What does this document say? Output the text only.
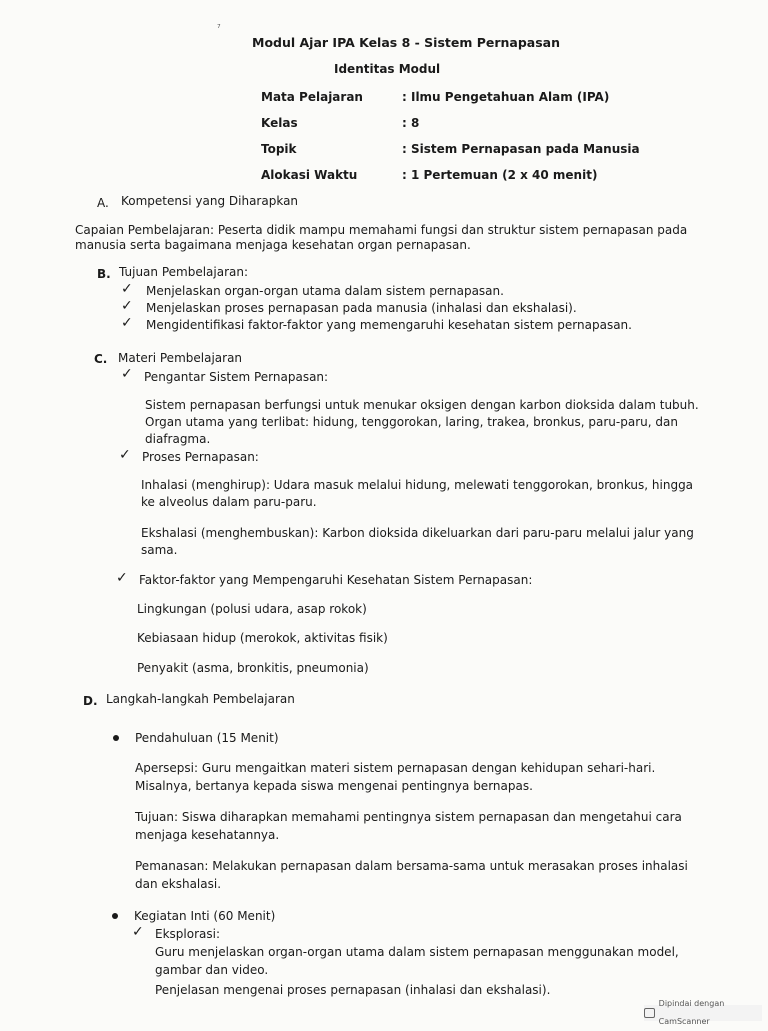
⁷
Modul Ajar IPA Kelas 8 - Sistem Pernapasan
Identitas Modul
Mata Pelajaran	: Ilmu Pengetahuan Alam (IPA)
Kelas	: 8
Topik	: Sistem Pernapasan pada Manusia
Alokasi Waktu	: 1 Pertemuan (2 x 40 menit)
A. Kompetensi yang Diharapkan
Capaian Pembelajaran: Peserta didik mampu memahami fungsi dan struktur sistem pernapasan pada
manusia serta bagaimana menjaga kesehatan organ pernapasan.
B. Tujuan Pembelajaran:
✓ Menjelaskan organ-organ utama dalam sistem pernapasan.
✓ Menjelaskan proses pernapasan pada manusia (inhalasi dan ekshalasi).
✓ Mengidentifikasi faktor-faktor yang memengaruhi kesehatan sistem pernapasan.
C. Materi Pembelajaran
✓ Pengantar Sistem Pernapasan:
Sistem pernapasan berfungsi untuk menukar oksigen dengan karbon dioksida dalam tubuh.
Organ utama yang terlibat: hidung, tenggorokan, laring, trakea, bronkus, paru-paru, dan
diafragma.
✓ Proses Pernapasan:
Inhalasi (menghirup): Udara masuk melalui hidung, melewati tenggorokan, bronkus, hingga
ke alveolus dalam paru-paru.
Ekshalasi (menghembuskan): Karbon dioksida dikeluarkan dari paru-paru melalui jalur yang
sama.
✓ Faktor-faktor yang Mempengaruhi Kesehatan Sistem Pernapasan:
Lingkungan (polusi udara, asap rokok)
Kebiasaan hidup (merokok, aktivitas fisik)
Penyakit (asma, bronkitis, pneumonia)
D. Langkah-langkah Pembelajaran
Pendahuluan (15 Menit)
Apersepsi: Guru mengaitkan materi sistem pernapasan dengan kehidupan sehari-hari.
Misalnya, bertanya kepada siswa mengenai pentingnya bernapas.
Tujuan: Siswa diharapkan memahami pentingnya sistem pernapasan dan mengetahui cara
menjaga kesehatannya.
Pemanasan: Melakukan pernapasan dalam bersama-sama untuk merasakan proses inhalasi
dan ekshalasi.
Kegiatan Inti (60 Menit)
✓ Eksplorasi:
Guru menjelaskan organ-organ utama dalam sistem pernapasan menggunakan model,
gambar dan video.
Penjelasan mengenai proses pernapasan (inhalasi dan ekshalasi).
Dipindai dengan CamScanner
